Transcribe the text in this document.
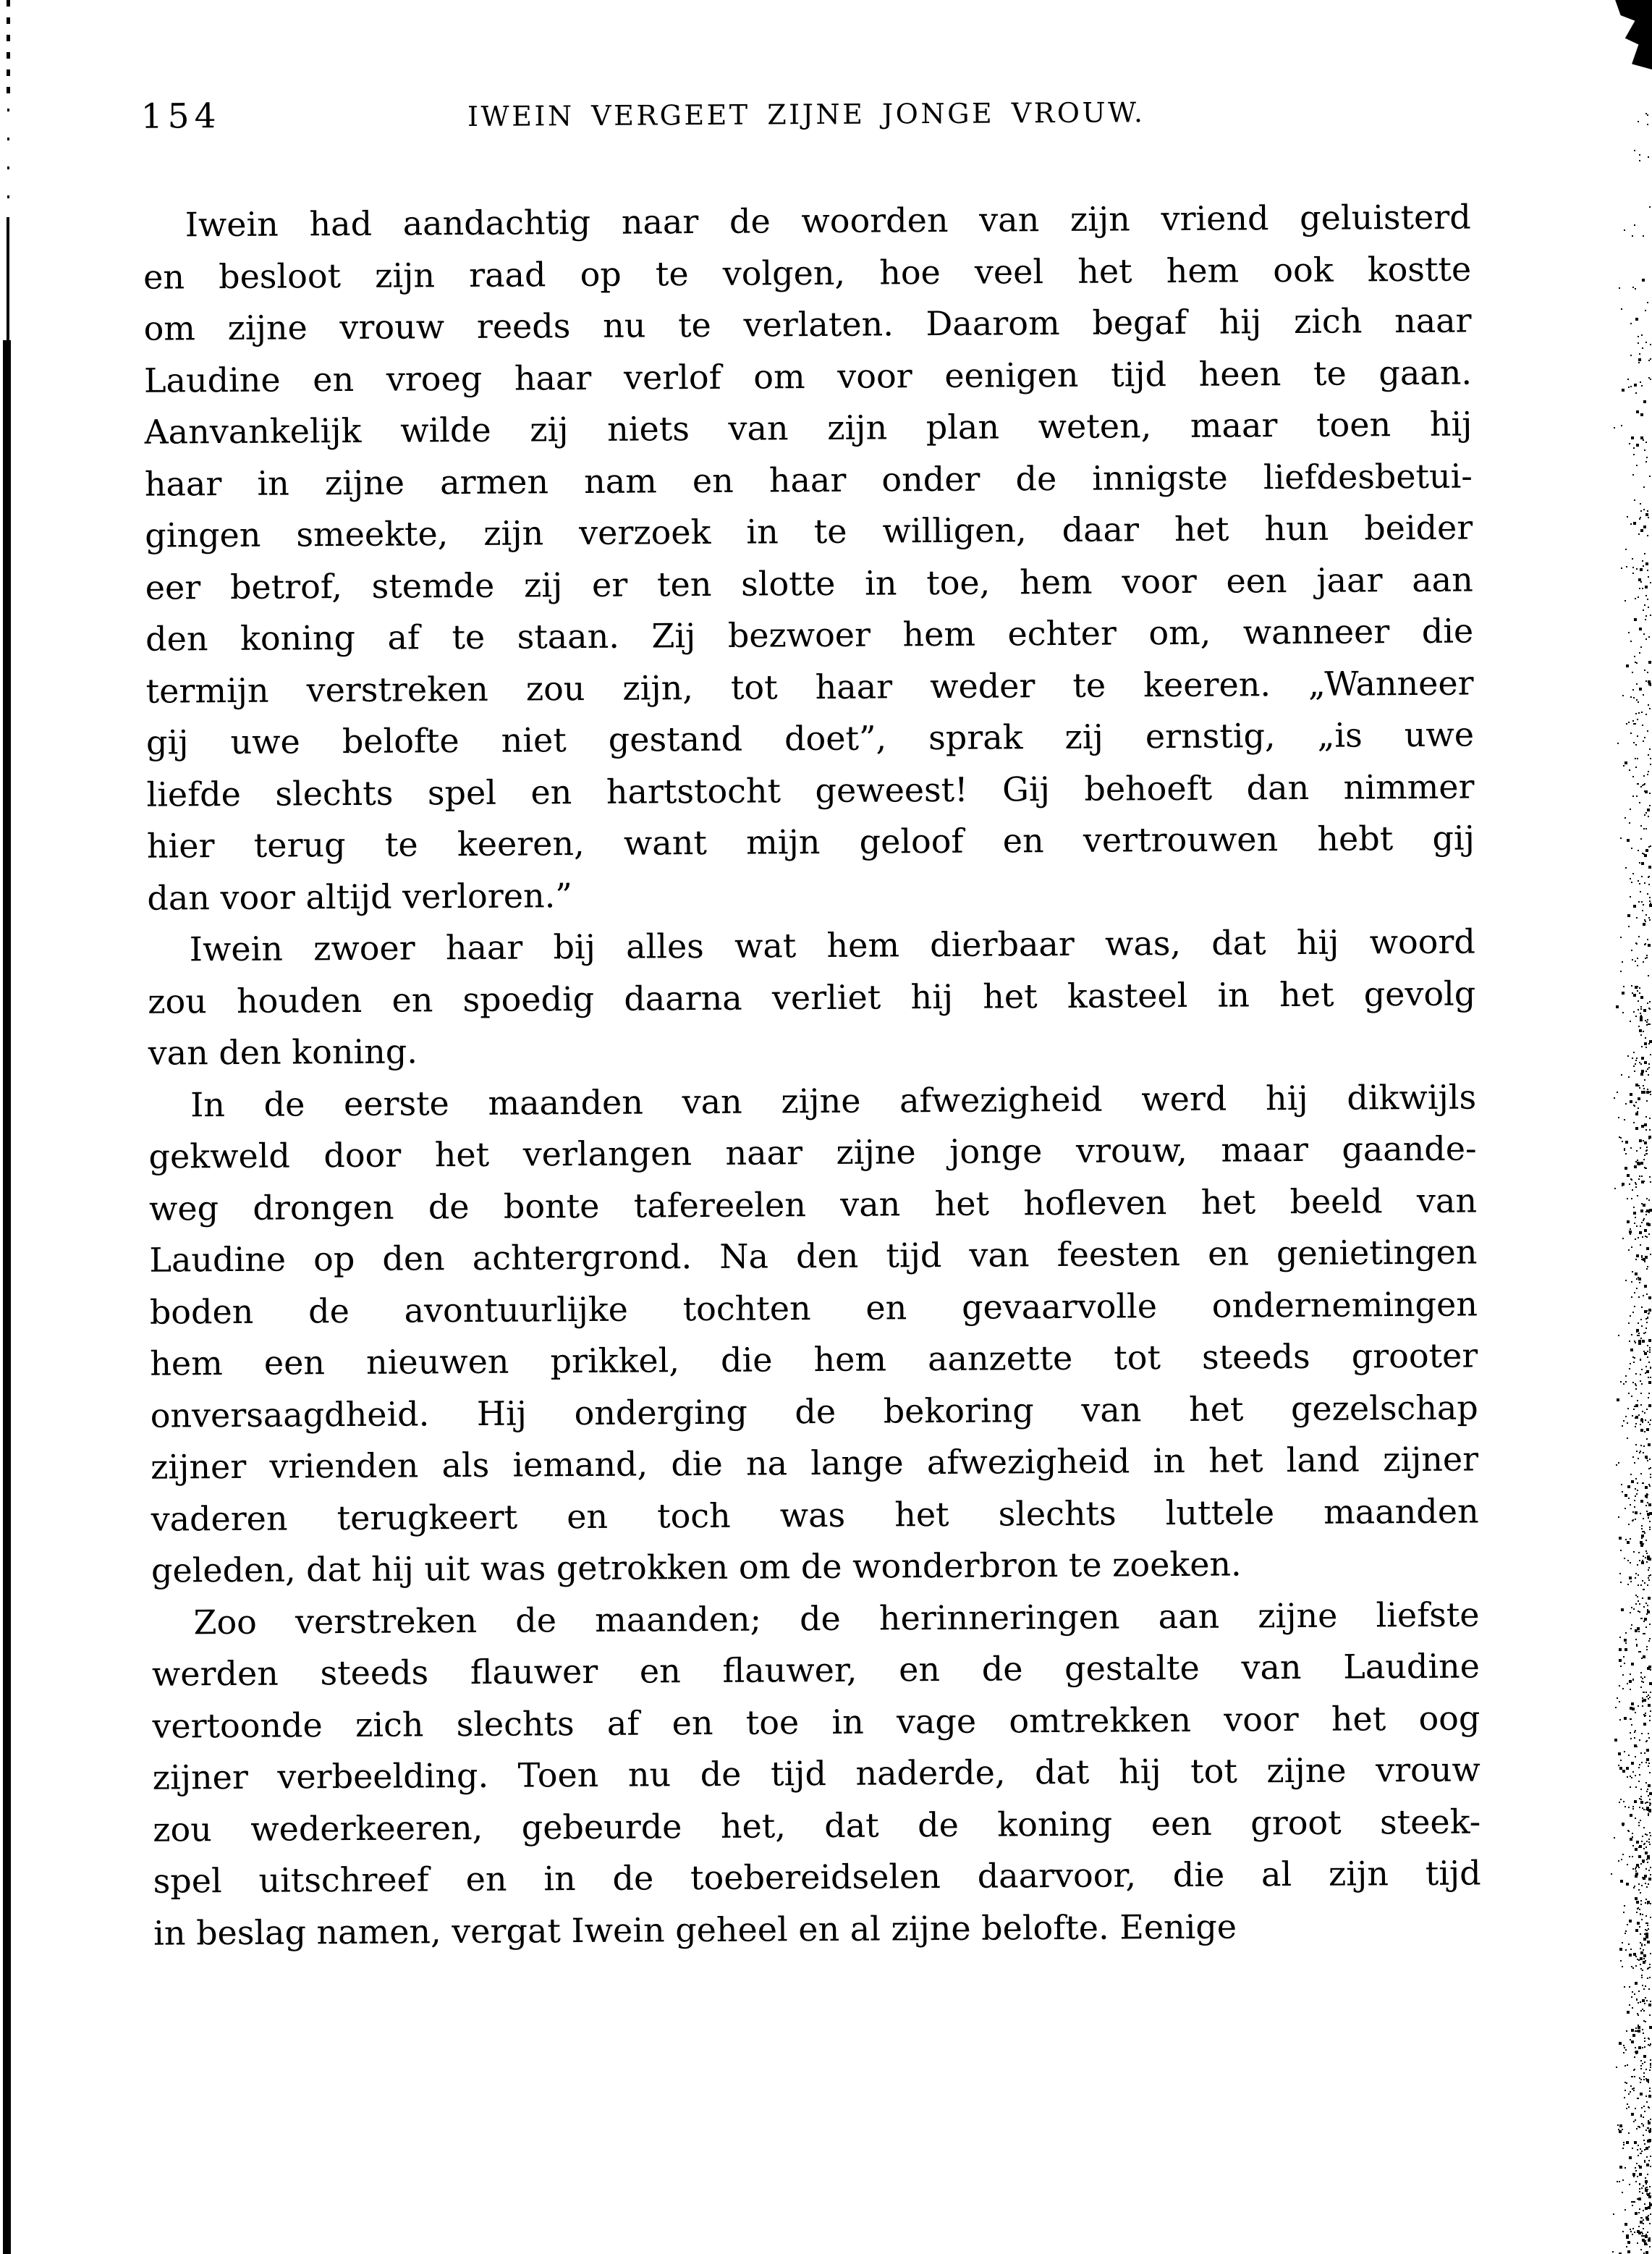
154	IWEIN VERGEET ZIJNE JONGE VROUW.
Iwein had aandachtig naar de woorden van zijn vriend geluisterd
en besloot zijn raad op te volgen, hoe veel het hem ook kostte
om zijne vrouw reeds nu te verlaten. Daarom begaf hij zich naar
Laudine en vroeg haar verlof om voor eenigen tijd heen te gaan.
Aanvankelijk wilde zij niets van zijn plan weten, maar toen hij
haar in zijne armen nam en haar onder de innigste liefdesbetui-
gingen smeekte, zijn verzoek in te willigen, daar het hun beider
eer betrof, stemde zij er ten slotte in toe, hem voor een jaar aan
den koning af te staan. Zij bezwoer hem echter om, wanneer die
termijn verstreken zou zijn, tot haar weder te keeren. „Wanneer
gij uwe belofte niet gestand doet”, sprak zij ernstig, „is uwe
liefde slechts spel en hartstocht geweest! Gij behoeft dan nimmer
hier terug te keeren, want mijn geloof en vertrouwen hebt gij
dan voor altijd verloren.”
Iwein zwoer haar bij alles wat hem dierbaar was, dat hij woord
zou houden en spoedig daarna verliet hij het kasteel in het gevolg
van den koning.
In de eerste maanden van zijne afwezigheid werd hij dikwijls
gekweld door het verlangen naar zijne jonge vrouw, maar gaande-
weg drongen de bonte tafereelen van het hofleven het beeld van
Laudine op den achtergrond. Na den tijd van feesten en genietingen
boden de avontuurlijke tochten en gevaarvolle ondernemingen
hem een nieuwen prikkel, die hem aanzette tot steeds grooter
onversaagdheid. Hij onderging de bekoring van het gezelschap
zijner vrienden als iemand, die na lange afwezigheid in het land zijner
vaderen terugkeert en toch was het slechts luttele maanden
geleden, dat hij uit was getrokken om de wonderbron te zoeken.
Zoo verstreken de maanden; de herinneringen aan zijne liefste
werden steeds flauwer en flauwer, en de gestalte van Laudine
vertoonde zich slechts af en toe in vage omtrekken voor het oog
zijner verbeelding. Toen nu de tijd naderde, dat hij tot zijne vrouw
zou wederkeeren, gebeurde het, dat de koning een groot steek-
spel uitschreef en in de toebereidselen daarvoor, die al zijn tijd
in beslag namen, vergat Iwein geheel en al zijne belofte. Eenige
